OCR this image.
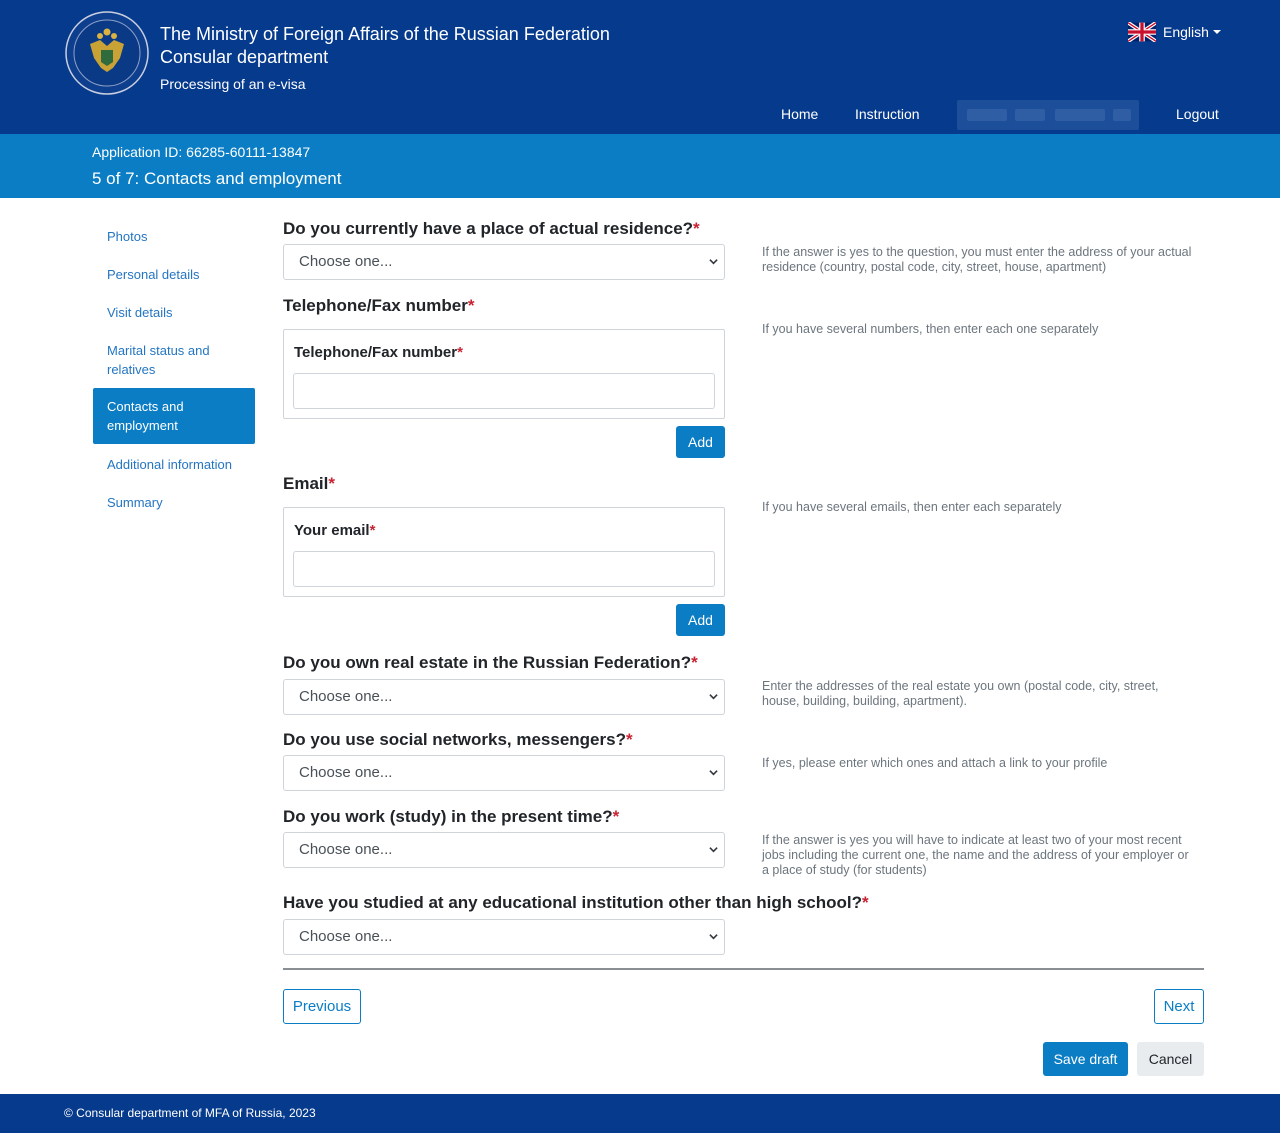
The Ministry of Foreign Affairs of the Russian Federation
Consular department
Processing of an e-visa
English
Home	Instruction	Logout
Application ID: 66285-60111-13847
5 of 7: Contacts and employment
Photos
Personal details
Visit details
Marital status and relatives
Contacts and employment
Additional information
Summary
Do you currently have a place of actual residence?*
Choose one...
If the answer is yes to the question, you must enter the address of your actual residence (country, postal code, city, street, house, apartment)
Telephone/Fax number*
If you have several numbers, then enter each one separately
Telephone/Fax number*
Add
Email*
If you have several emails, then enter each separately
Your email*
Add
Do you own real estate in the Russian Federation?*
Choose one...
Enter the addresses of the real estate you own (postal code, city, street, house, building, building, apartment).
Do you use social networks, messengers?*
Choose one...
If yes, please enter which ones and attach a link to your profile
Do you work (study) in the present time?*
Choose one...
If the answer is yes you will have to indicate at least two of your most recent jobs including the current one, the name and the address of your employer or a place of study (for students)
Have you studied at any educational institution other than high school?*
Choose one...
Previous	Next
Save draft	Cancel
© Consular department of MFA of Russia, 2023
